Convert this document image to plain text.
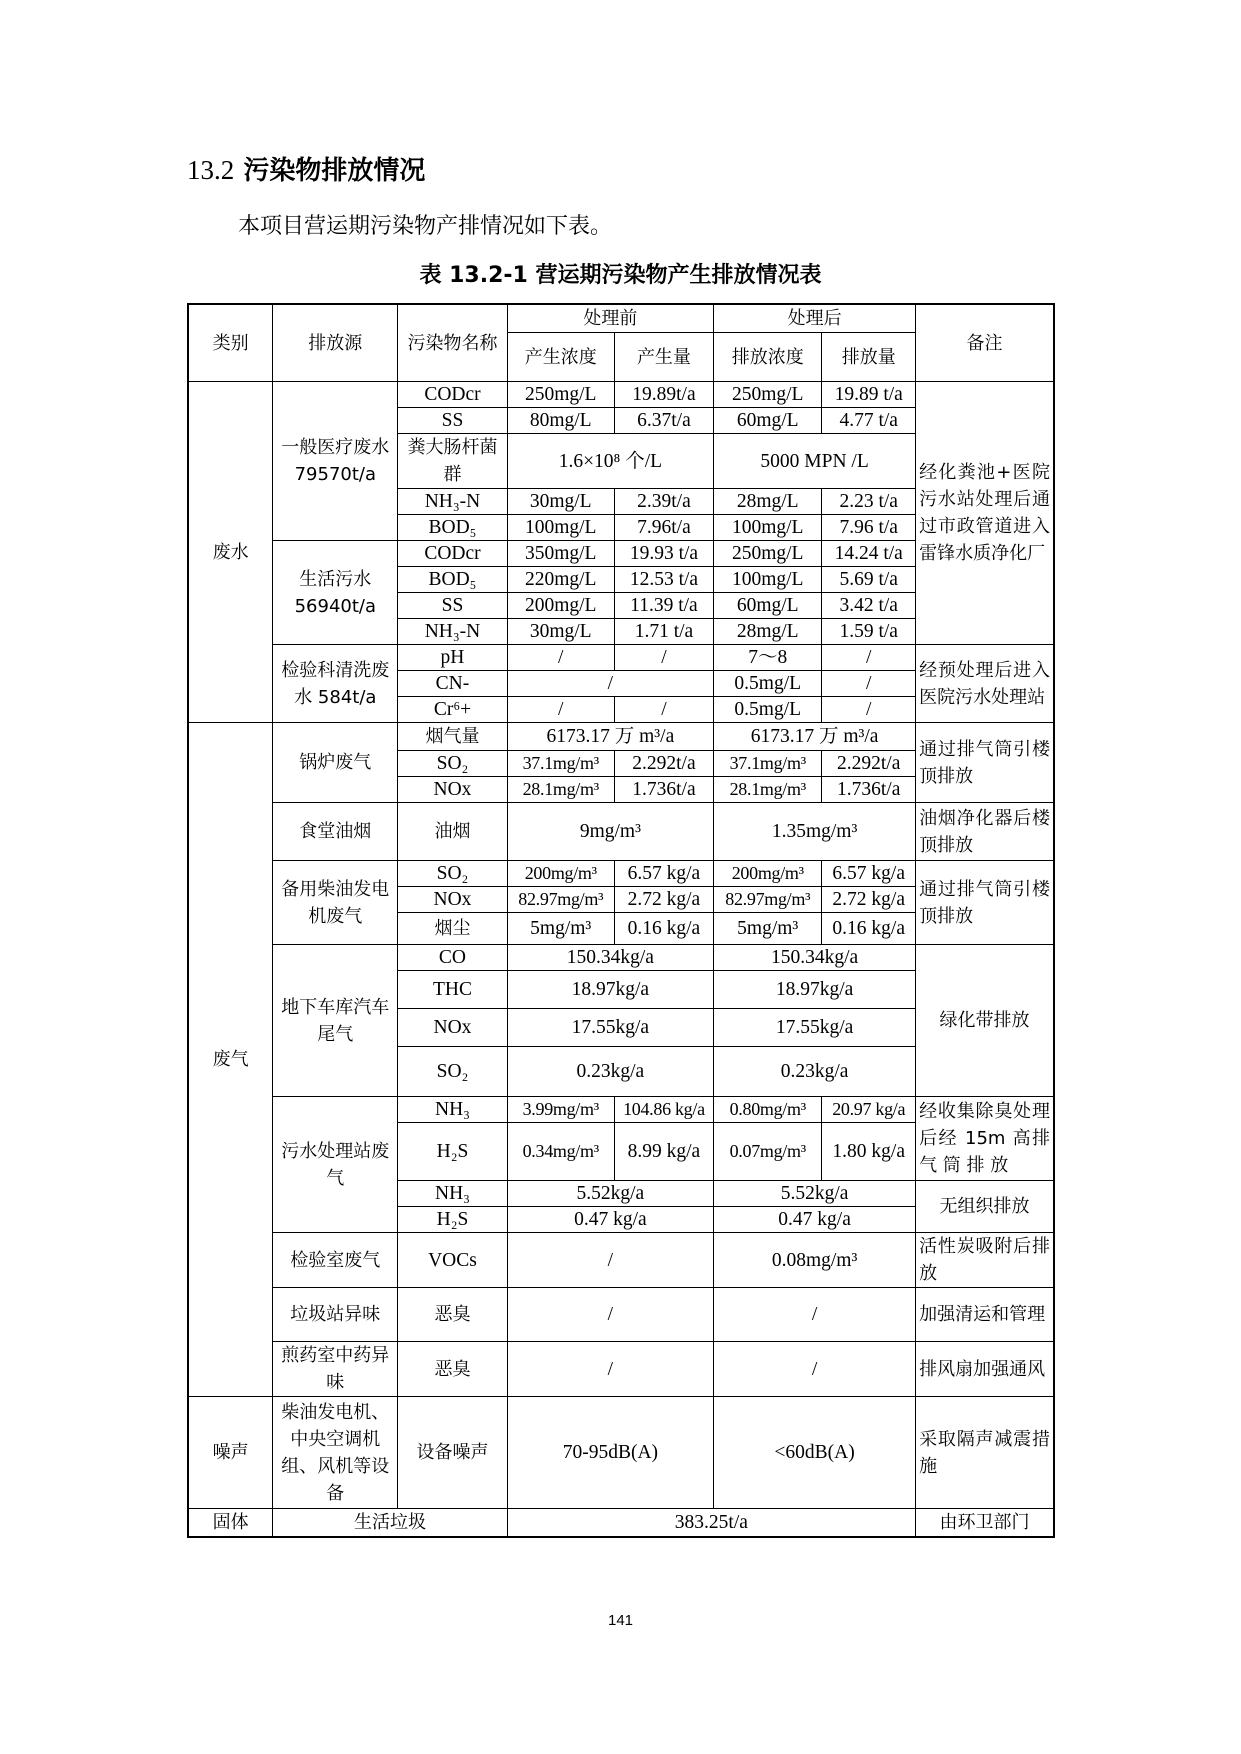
13.2 污染物排放情况
本项目营运期污染物产排情况如下表。
表 13.2-1 营运期污染物产生排放情况表
类别	排放源	污染物名称	处理前		处理后		备注
			产生浓度	产生量	排放浓度	排放量	
废水	一般医疗废水 79570t/a	CODcr	250mg/L	19.89t/a	250mg/L	19.89 t/a	经化粪池+医院污水站处理后通过市政管道进入雷锋水质净化厂
		SS	80mg/L	6.37t/a	60mg/L	4.77 t/a	
		粪大肠杆菌群	1.6×10⁸ 个/L		5000 MPN /L		
		NH₃-N	30mg/L	2.39t/a	28mg/L	2.23 t/a	
		BOD₅	100mg/L	7.96t/a	100mg/L	7.96 t/a	
	生活污水56940t/a	CODcr	350mg/L	19.93 t/a	250mg/L	14.24 t/a	
		BOD₅	220mg/L	12.53 t/a	100mg/L	5.69 t/a	
		SS	200mg/L	11.39 t/a	60mg/L	3.42 t/a	
		NH₃-N	30mg/L	1.71 t/a	28mg/L	1.59 t/a	
	检验科清洗废水 584t/a	pH	/	/	7～8	/	经预处理后进入医院污水处理站
		CN-	/		0.5mg/L	/	
		Cr⁶+	/	/	0.5mg/L	/	
废气	锅炉废气	烟气量	6173.17 万 m³/a		6173.17 万 m³/a		通过排气筒引楼顶排放
		SO₂	37.1mg/m³	2.292t/a	37.1mg/m³	2.292t/a	
		NOx	28.1mg/m³	1.736t/a	28.1mg/m³	1.736t/a	
	食堂油烟	油烟	9mg/m³		1.35mg/m³		油烟净化器后楼顶排放
	备用柴油发电机废气	SO₂	200mg/m³	6.57 kg/a	200mg/m³	6.57 kg/a	通过排气筒引楼顶排放
		NOx	82.97mg/m³	2.72 kg/a	82.97mg/m³	2.72 kg/a	
		烟尘	5mg/m³	0.16 kg/a	5mg/m³	0.16 kg/a	
	地下车库汽车尾气	CO	150.34kg/a		150.34kg/a		绿化带排放
		THC	18.97kg/a		18.97kg/a		
		NOx	17.55kg/a		17.55kg/a		
		SO₂	0.23kg/a		0.23kg/a		
	污水处理站废气	NH₃	3.99mg/m³	104.86 kg/a	0.80mg/m³	20.97 kg/a	经收集除臭处理后经 15m 高排 气 筒 排 放
		H₂S	0.34mg/m³	8.99 kg/a	0.07mg/m³	1.80 kg/a	
		NH₃	5.52kg/a		5.52kg/a		无组织排放
		H₂S	0.47 kg/a		0.47 kg/a		
	检验室废气	VOCs	/		0.08mg/m³		活性炭吸附后排放
	垃圾站异味	恶臭	/		/		加强清运和管理
	煎药室中药异味	恶臭	/		/		排风扇加强通风
噪声	柴油发电机、中央空调机组、风机等设备	设备噪声	70-95dB(A)		<60dB(A)		采取隔声减震措施
固体	生活垃圾		383.25t/a				由环卫部门
141
